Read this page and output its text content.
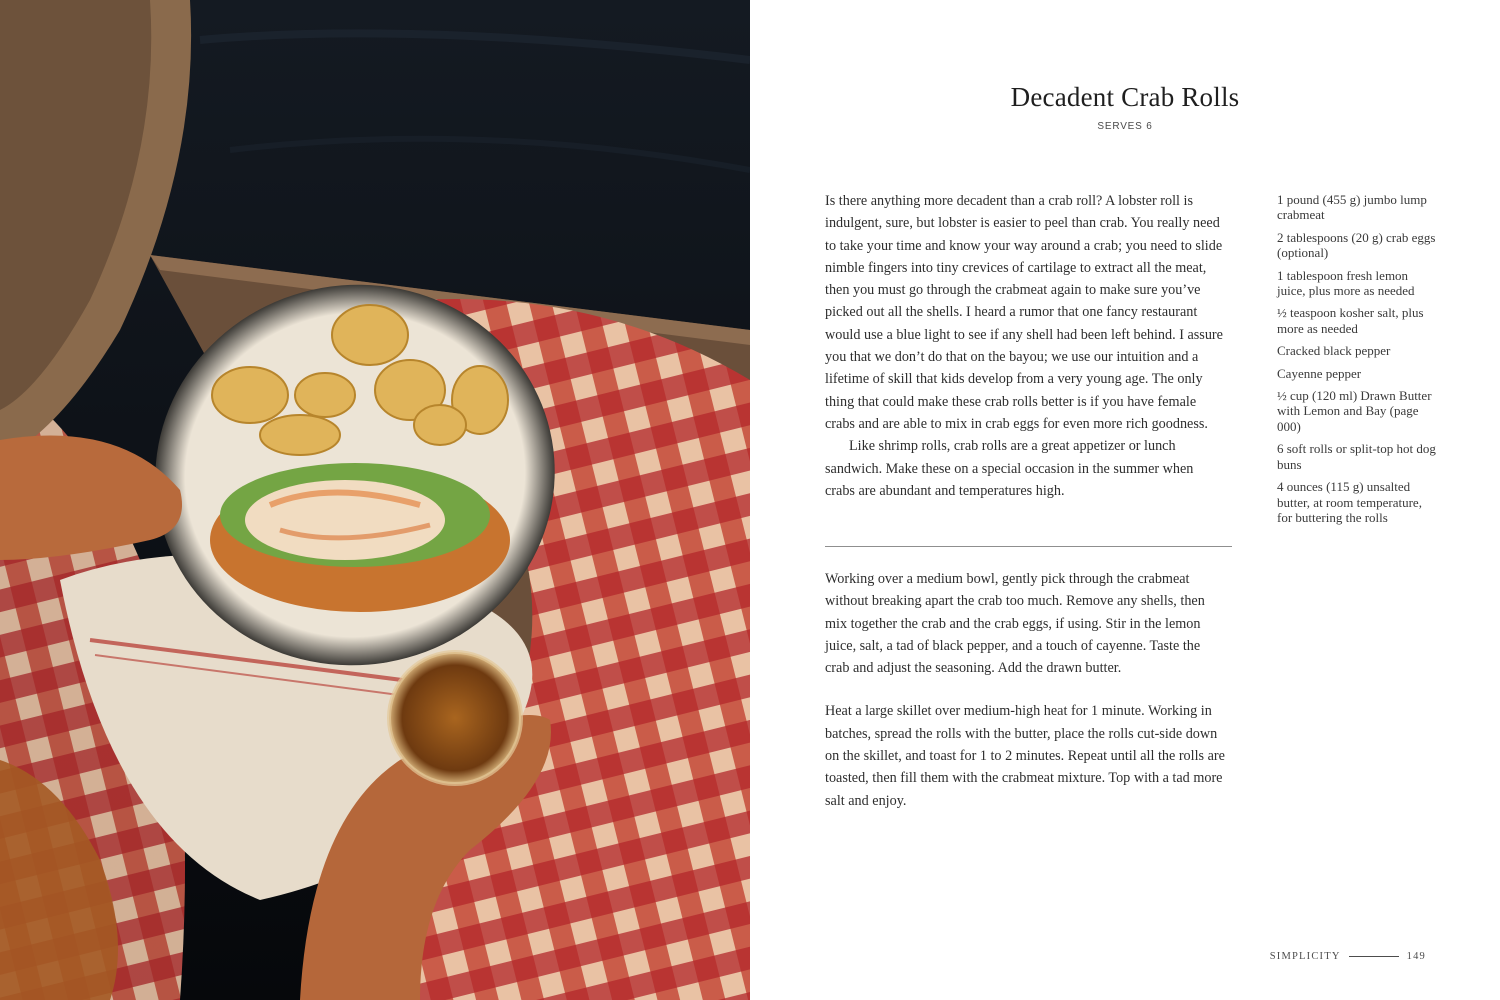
Decadent Crab Rolls
SERVES 6

Is there anything more decadent than a crab roll? A lobster roll is indulgent, sure, but lobster is easier to peel than crab. You really need to take your time and know your way around a crab; you need to slide nimble fingers into tiny crevices of cartilage to extract all the meat, then you must go through the crabmeat again to make sure you’ve picked out all the shells. I heard a rumor that one fancy restaurant would use a blue light to see if any shell had been left behind. I assure you that we don’t do that on the bayou; we use our intuition and a lifetime of skill that kids develop from a very young age. The only thing that could make these crab rolls better is if you have female crabs and are able to mix in crab eggs for even more rich goodness.

Like shrimp rolls, crab rolls are a great appetizer or lunch sandwich. Make these on a special occasion in the summer when crabs are abundant and temperatures high.

Working over a medium bowl, gently pick through the crabmeat without breaking apart the crab too much. Remove any shells, then mix together the crab and the crab eggs, if using. Stir in the lemon juice, salt, a tad of black pepper, and a touch of cayenne. Taste the crab and adjust the seasoning. Add the drawn butter.

Heat a large skillet over medium-high heat for 1 minute. Working in batches, spread the rolls with the butter, place the rolls cut-side down on the skillet, and toast for 1 to 2 minutes. Repeat until all the rolls are toasted, then fill them with the crabmeat mixture. Top with a tad more salt and enjoy.

1 pound (455 g) jumbo lump crabmeat
2 tablespoons (20 g) crab eggs (optional)
1 tablespoon fresh lemon juice, plus more as needed
½ teaspoon kosher salt, plus more as needed
Cracked black pepper
Cayenne pepper
½ cup (120 ml) Drawn Butter with Lemon and Bay (page 000)
6 soft rolls or split-top hot dog buns
4 ounces (115 g) unsalted butter, at room temperature, for buttering the rolls
SIMPLICITY	149
